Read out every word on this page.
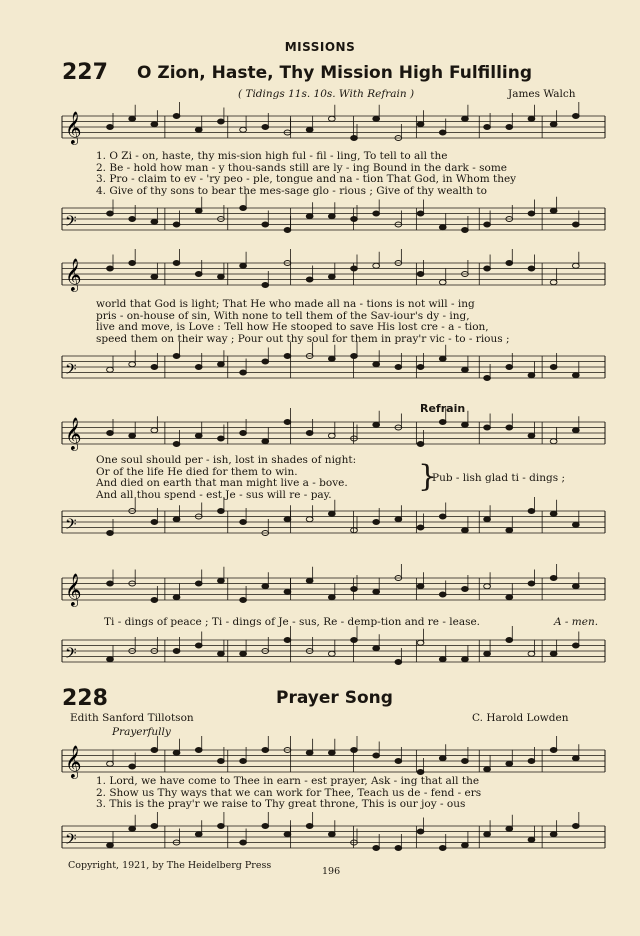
MISSIONS
227 O Zion, Haste, Thy Mission High Fulfilling
( Tidings 11s. 10s. With Refrain )	James Walch
𝄞
1. O Zi - on, haste, thy mis-sion high ful - fil - ling, To tell to all the
2. Be - hold how man - y thou-sands still are ly - ing Bound in the dark - some
3. Pro - claim to ev - 'ry peo - ple, tongue and na - tion That God, in Whom they
4. Give of thy sons to bear the mes-sage glo - rious ; Give of thy wealth to
𝄢
𝄞
world that God is light; That He who made all na - tions is not will - ing
pris - on-house of sin, With none to tell them of the Sav-iour's dy - ing,
live and move, is Love : Tell how He stooped to save His lost cre - a - tion,
speed them on their way ; Pour out thy soul for them in pray'r vic - to - rious ;
𝄢
Refrain
𝄞
One soul should per - ish, lost in shades of night:
Or of the life He died for them to win.
And died on earth that man might live a - bove.
And all thou spend - est Je - sus will re - pay.
}
Pub - lish glad ti - dings ;
𝄢
𝄞
Ti - dings of peace ; Ti - dings of Je - sus, Re - demp-tion and re - lease.	A - men.
𝄢
228	Prayer Song
Edith Sanford Tillotson	C. Harold Lowden
Prayerfully
𝄞
1. Lord, we have come to Thee in earn - est prayer, Ask - ing that all the
2. Show us Thy ways that we can work for Thee, Teach us de - fend - ers
3. This is the pray'r we raise to Thy great throne, This is our joy - ous
𝄢
Copyright, 1921, by The Heidelberg Press
196
